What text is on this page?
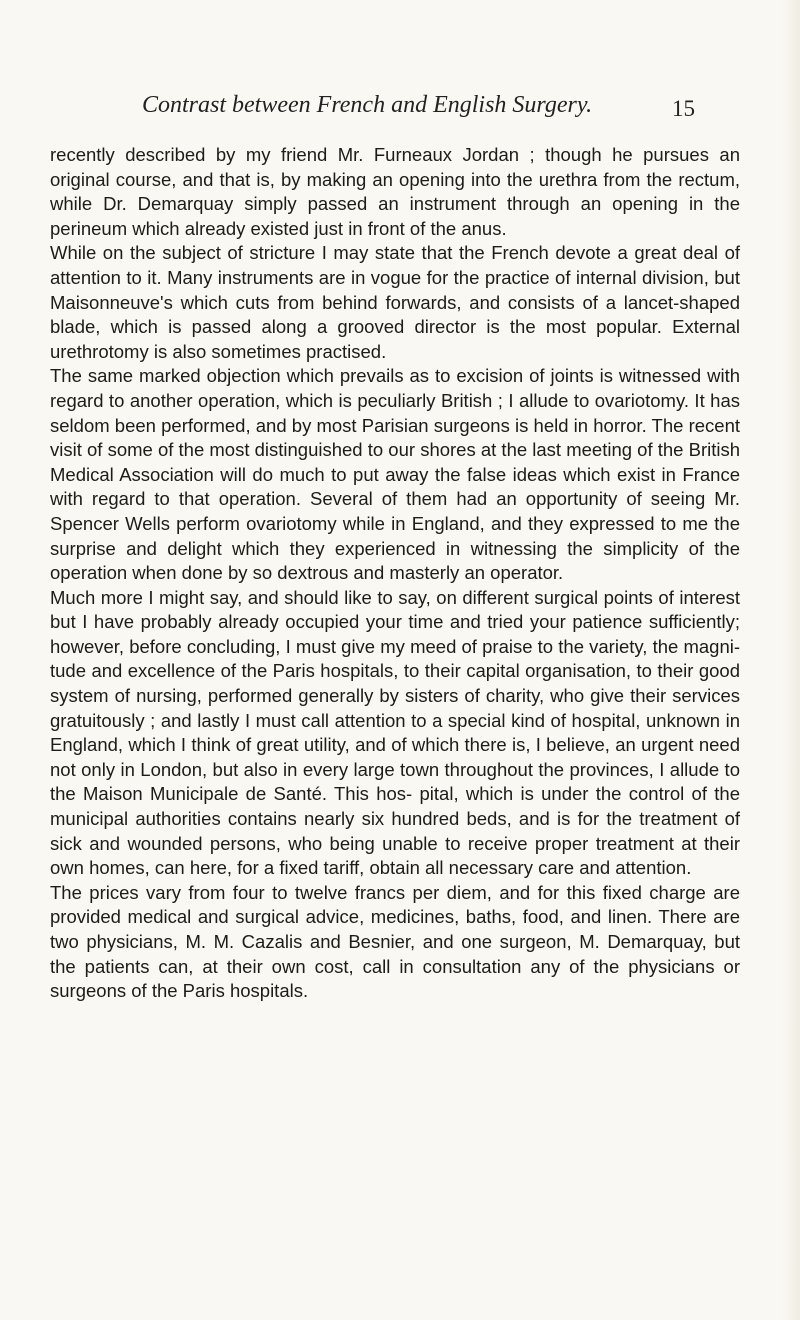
Contrast between French and English Surgery.	15

recently described by my friend Mr. Furneaux Jordan ; though he pursues an original course, and that is, by making an opening into the urethra from the rectum, while Dr. Demarquay simply passed an instrument through an opening in the perineum which already existed just in front of the anus.

While on the subject of stricture I may state that the French devote a great deal of attention to it. Many instruments are in vogue for the practice of internal division, but Maisonneuve's which cuts from behind forwards, and consists of a lancet-shaped blade, which is passed along a grooved director is the most popular. External urethrotomy is also sometimes practised.

The same marked objection which prevails as to excision of joints is witnessed with regard to another operation, which is peculiarly British ; I allude to ovariotomy. It has seldom been performed, and by most Parisian surgeons is held in horror. The recent visit of some of the most distinguished to our shores at the last meeting of the British Medical Association will do much to put away the false ideas which exist in France with regard to that operation. Several of them had an opportunity of seeing Mr. Spencer Wells perform ovariotomy while in England, and they expressed to me the surprise and delight which they experienced in witnessing the simplicity of the operation when done by so dextrous and masterly an operator.

Much more I might say, and should like to say, on different surgical points of interest but I have probably already occupied your time and tried your patience sufficiently; however, before concluding, I must give my meed of praise to the variety, the magni- tude and excellence of the Paris hospitals, to their capital organisation, to their good system of nursing, performed generally by sisters of charity, who give their services gratuitously ; and lastly I must call attention to a special kind of hospital, unknown in England, which I think of great utility, and of which there is, I believe, an urgent need not only in London, but also in every large town throughout the provinces, I allude to the Maison Municipale de Santé. This hos- pital, which is under the control of the municipal authorities contains nearly six hundred beds, and is for the treatment of sick and wounded persons, who being unable to receive proper treatment at their own homes, can here, for a fixed tariff, obtain all necessary care and attention.

The prices vary from four to twelve francs per diem, and for this fixed charge are provided medical and surgical advice, medicines, baths, food, and linen. There are two physicians, M. M. Cazalis and Besnier, and one surgeon, M. Demarquay, but the patients can, at their own cost, call in consultation any of the physicians or surgeons of the Paris hospitals.
